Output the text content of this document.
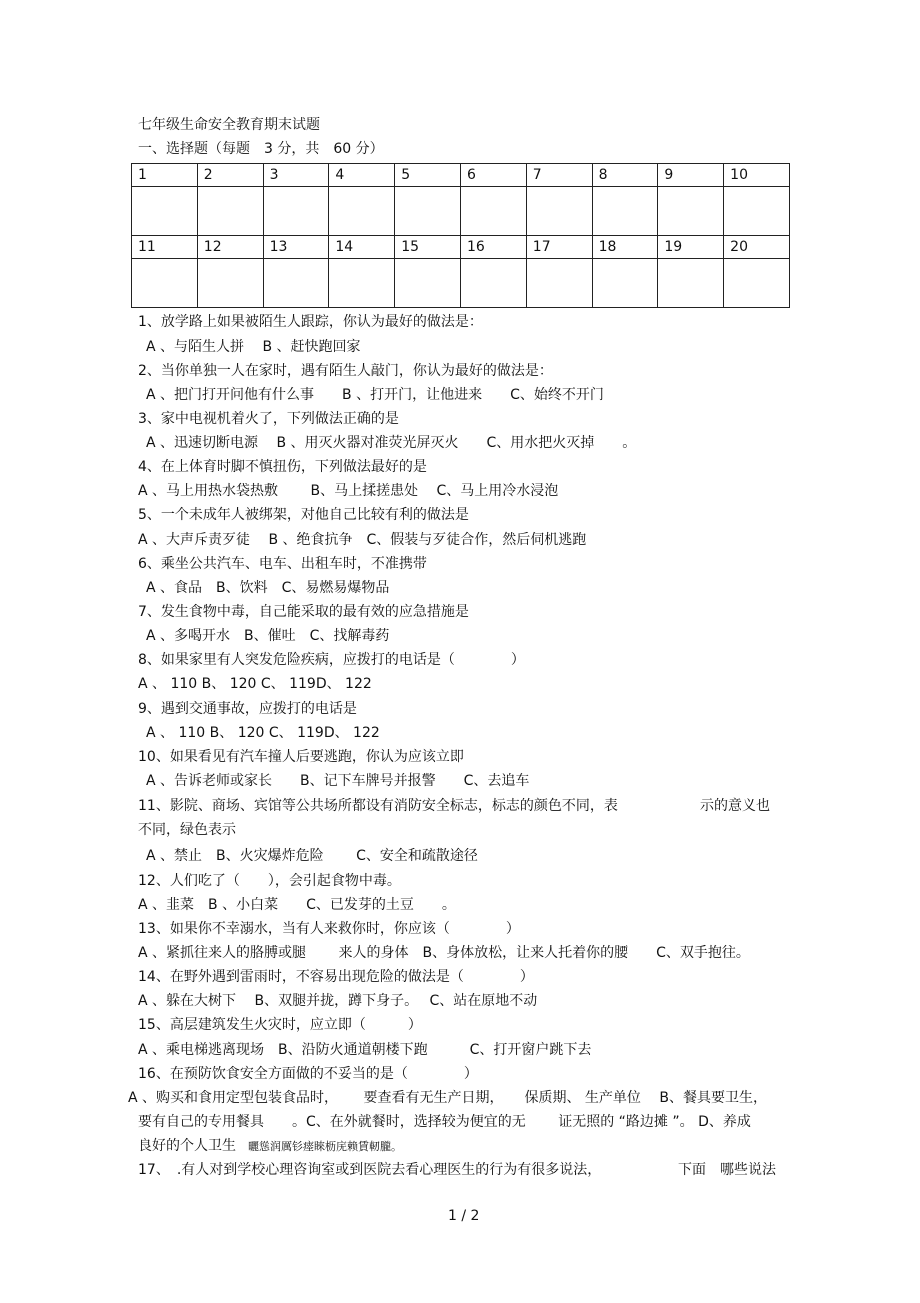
七年级生命安全教育期末试题
一、选择题（每题　3 分，共　60 分）
1	2	3	4	5	6	7	8	9	10

11	12	13	14	15	16	17	18	19	20

1、放学路上如果被陌生人跟踪，你认为最好的做法是：
A 、与陌生人拼　 B 、赶快跑回家
2、当你单独一人在家时，遇有陌生人敲门，你认为最好的做法是：
A 、把门打开问他有什么事　　B 、打开门，让他进来　　C、始终不开门
3、家中电视机着火了，下列做法正确的是
A 、迅速切断电源　 B 、用灭火器对准荧光屏灭火　　C、用水把火灭掉　　。
4、在上体育时脚不慎扭伤，下列做法最好的是
A 、马上用热水袋热敷　　 B、马上揉搓患处　 C、马上用冷水浸泡
5、一个未成年人被绑架，对他自己比较有利的做法是
A 、大声斥责歹徒　 B 、绝食抗争　C、假装与歹徒合作，然后伺机逃跑
6、乘坐公共汽车、电车、出租车时，不准携带
A 、食品　B、饮料　C、易燃易爆物品
7、发生食物中毒，自己能采取的最有效的应急措施是
A 、多喝开水　B、催吐　C、找解毒药
8、如果家里有人突发危险疾病，应拨打的电话是（　　　　）
A 、 110 B、 120 C、 119D、 122
9、遇到交通事故，应拨打的电话是
A 、 110 B、 120 C、 119D、 122
10、如果看见有汽车撞人后要逃跑，你认为应该立即
A 、告诉老师或家长　　B、记下车牌号并报警　　C、去追车
11、影院、商场、宾馆等公共场所都设有消防安全标志，标志的颜色不同，表	示的意义也
不同，绿色表示
A 、禁止　B、火灾爆炸危险　　 C、安全和疏散途径
12、人们吃了（　　），会引起食物中毒。
A 、韭菜　B 、小白菜　　C、已发芽的土豆　　。
13、如果你不幸溺水，当有人来救你时，你应该（　　　　）
A 、紧抓往来人的胳膊或腿　　 来人的身体　B、身体放松，让来人托着你的腰　　C、双手抱往。
14、在野外遇到雷雨时，不容易出现危险的做法是（　　　　）
A 、躲在大树下　 B、双腿并拢，蹲下身子。　 C、站在原地不动
15、高层建筑发生火灾时，应立即（　　　）
A 、乘电梯逃离现场　B、沿防火通道朝楼下跑　　　C、打开窗户跳下去
16、在预防饮食安全方面做的不妥当的是（　　　　）
A 、购买和食用定型包装食品时，　　 要查看有无生产日期，　　保质期、 生产单位　 B、餐具要卫生，
要有自己的专用餐具　　。C、在外就餐时，选择较为便宜的无　　 证无照的 “路边摊 ”。 D、养成
良好的个人卫生 曬慫润厲钐瘗睞枥庑赖賃軔朧。
17、　.有人对到学校心理咨询室或到医院去看心理医生的行为有很多说法，	下面　哪些说法
1 / 2
